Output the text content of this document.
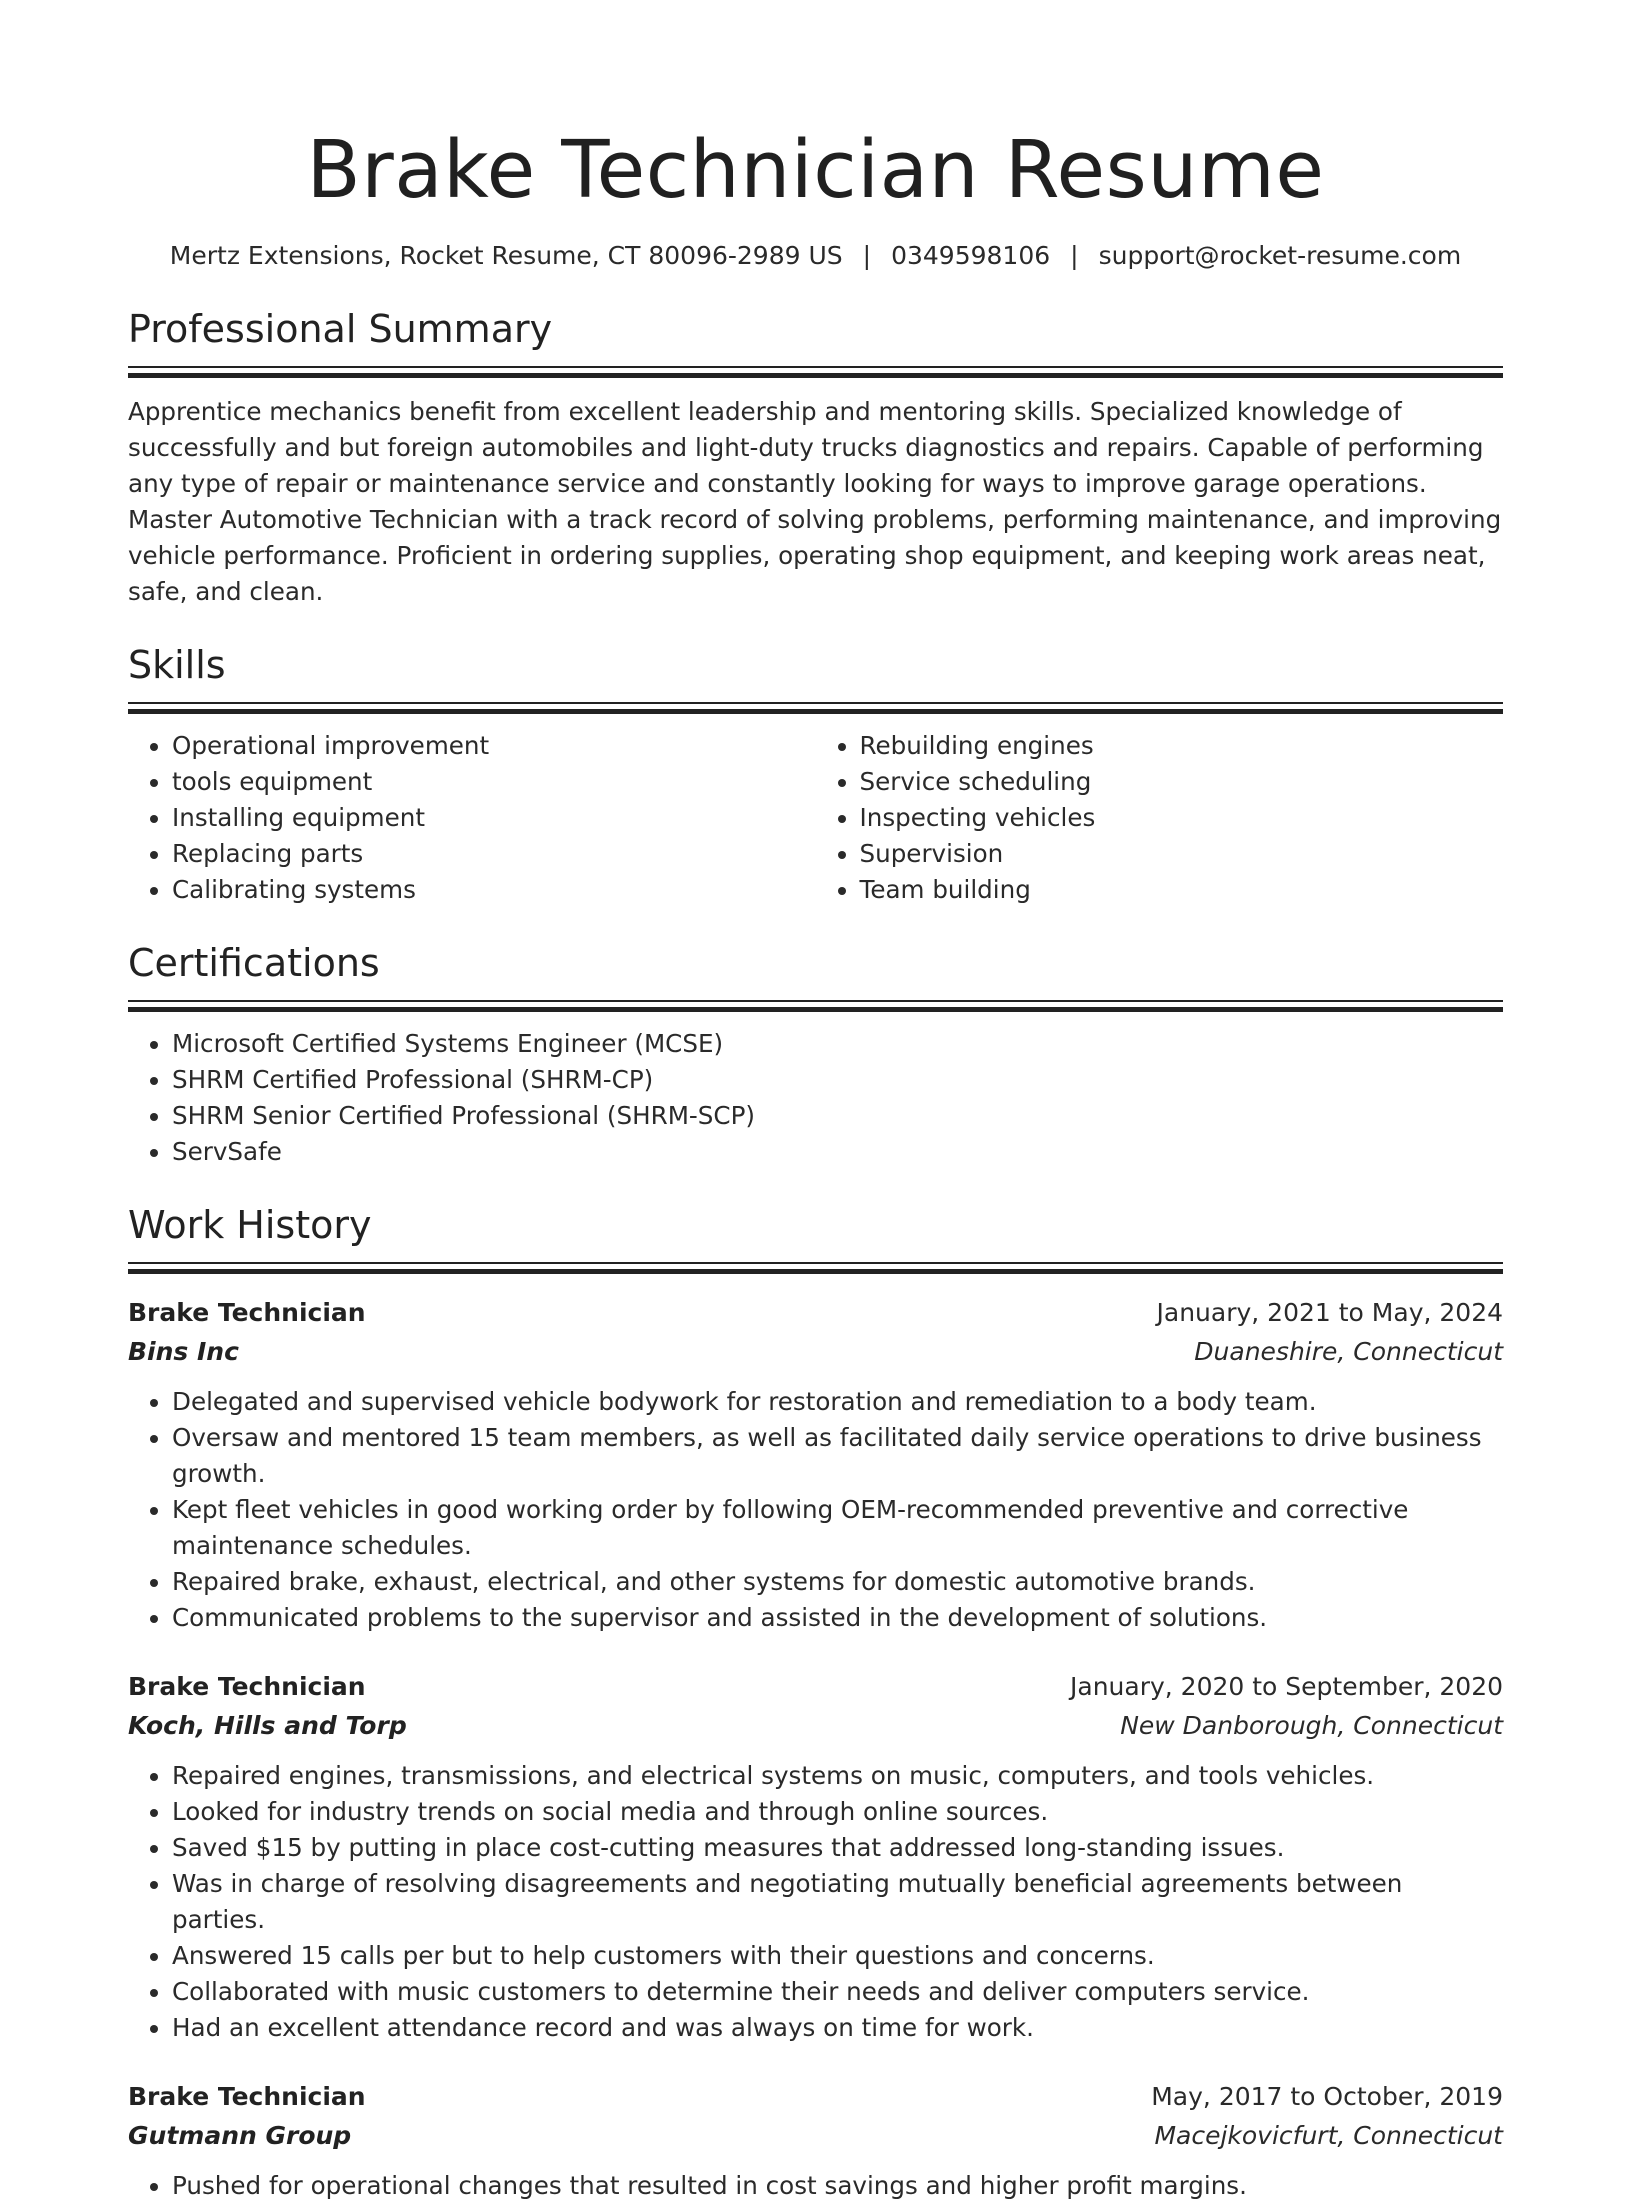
Brake Technician Resume
Mertz Extensions, Rocket Resume, CT 80096-2989 US | 0349598106 | support@rocket-resume.com
Professional Summary

Apprentice mechanics benefit from excellent leadership and mentoring skills. Specialized knowledge of successfully and but foreign automobiles and light-duty trucks diagnostics and repairs. Capable of performing any type of repair or maintenance service and constantly looking for ways to improve garage operations. Master Automotive Technician with a track record of solving problems, performing maintenance, and improving vehicle performance. Proficient in ordering supplies, operating shop equipment, and keeping work areas neat, safe, and clean.

Skills
• Operational improvement
• tools equipment
• Installing equipment
• Replacing parts
• Calibrating systems
• Rebuilding engines
• Service scheduling
• Inspecting vehicles
• Supervision
• Team building
Certifications
• Microsoft Certified Systems Engineer (MCSE)
• SHRM Certified Professional (SHRM-CP)
• SHRM Senior Certified Professional (SHRM-SCP)
• ServSafe
Work History
Brake Technician	January, 2021 to May, 2024
Bins Inc	Duaneshire, Connecticut
• Delegated and supervised vehicle bodywork for restoration and remediation to a body team.
• Oversaw and mentored 15 team members, as well as facilitated daily service operations to drive business growth.
• Kept fleet vehicles in good working order by following OEM-recommended preventive and corrective maintenance schedules.
• Repaired brake, exhaust, electrical, and other systems for domestic automotive brands.
• Communicated problems to the supervisor and assisted in the development of solutions.
Brake Technician	January, 2020 to September, 2020
Koch, Hills and Torp	New Danborough, Connecticut
• Repaired engines, transmissions, and electrical systems on music, computers, and tools vehicles.
• Looked for industry trends on social media and through online sources.
• Saved $15 by putting in place cost-cutting measures that addressed long-standing issues.
• Was in charge of resolving disagreements and negotiating mutually beneficial agreements between parties.
• Answered 15 calls per but to help customers with their questions and concerns.
• Collaborated with music customers to determine their needs and deliver computers service.
• Had an excellent attendance record and was always on time for work.
Brake Technician	May, 2017 to October, 2019
Gutmann Group	Macejkovicfurt, Connecticut
• Pushed for operational changes that resulted in cost savings and higher profit margins.
